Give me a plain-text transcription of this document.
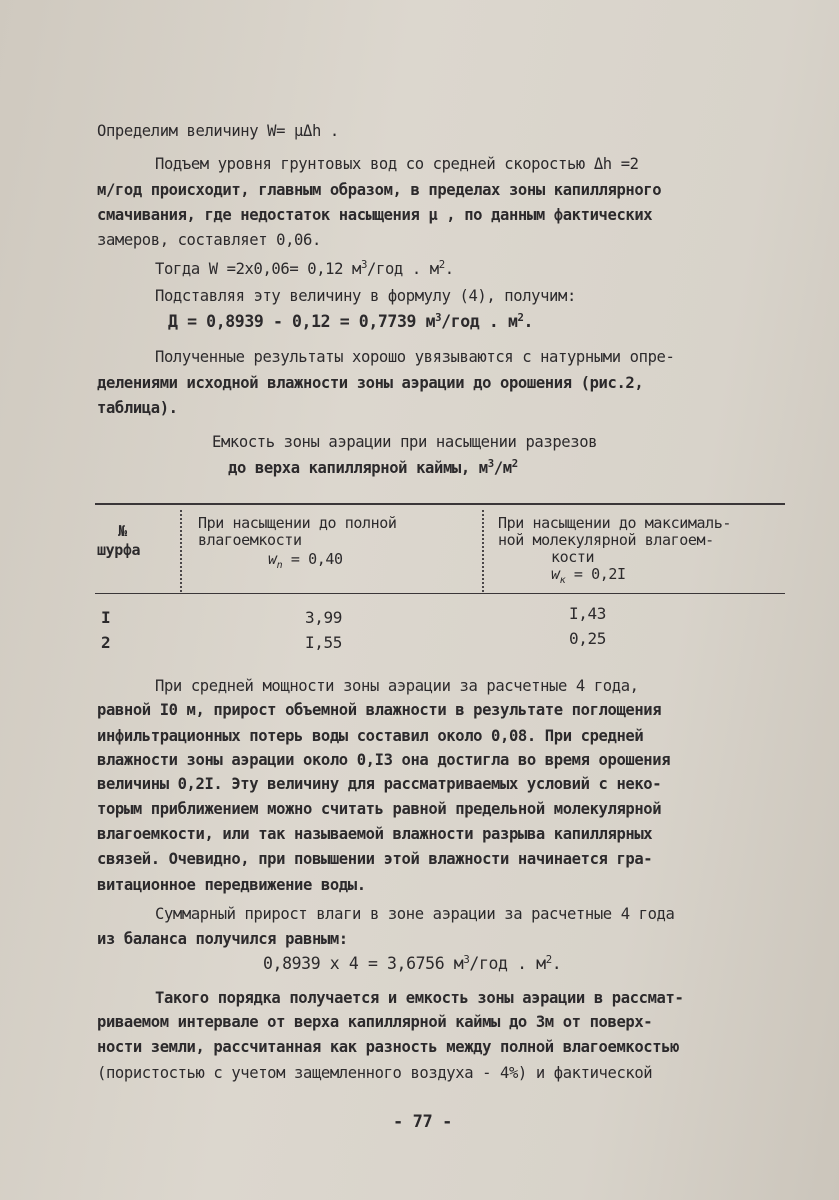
Определим величину W= μΔh .
Подъем уровня грунтовых вод со средней скоростью Δh =2
м/год происходит, главным образом, в пределах зоны капиллярного
смачивания, где недостаток насыщения μ , по данным фактических
замеров, составляет 0,06.
Тогда W =2х0,06= 0,12 $м^3$/год . $м^2$.
Подставляя эту величину в формулу (4), получим:
Д = 0,8939 - 0,12 = 0,7739 $м^3$/год . $м^2$.
Полученные результаты хорошо увязываются с натурными опре-
делениями исходной влажности зоны аэрации до орошения (рис.2,
таблица).
Емкость зоны аэрации при насыщении разрезов
до верха капиллярной каймы, $м^3/м^2$
№
шурфа
При насыщении до полной
влагоемкости
$w_n = 0,40$
При насыщении до максималь-
ной молекулярной влагоем-
кости
$w_к = 0,2I$
I	3,99	I,43
2	I,55	0,25
При средней мощности зоны аэрации за расчетные 4 года,
равной I0 м, прирост объемной влажности в результате поглощения
инфильтрационных потерь воды составил около 0,08. При средней
влажности зоны аэрации около 0,I3 она достигла во время орошения
величины 0,2I. Эту величину для рассматриваемых условий с неко-
торым приближением можно считать равной предельной молекулярной
влагоемкости, или так называемой влажности разрыва капиллярных
связей. Очевидно, при повышении этой влажности начинается гра-
витационное передвижение воды.
Суммарный прирост влаги в зоне аэрации за расчетные 4 года
из баланса получился равным:
0,8939 х 4 = 3,6756 $м^3$/год . $м^2$.
Такого порядка получается и емкость зоны аэрации в рассмат-
риваемом интервале от верха капиллярной каймы до 3м от поверх-
ности земли, рассчитанная как разность между полной влагоемкостью
(пористостью с учетом защемленного воздуха - 4%) и фактической
- 77 -
